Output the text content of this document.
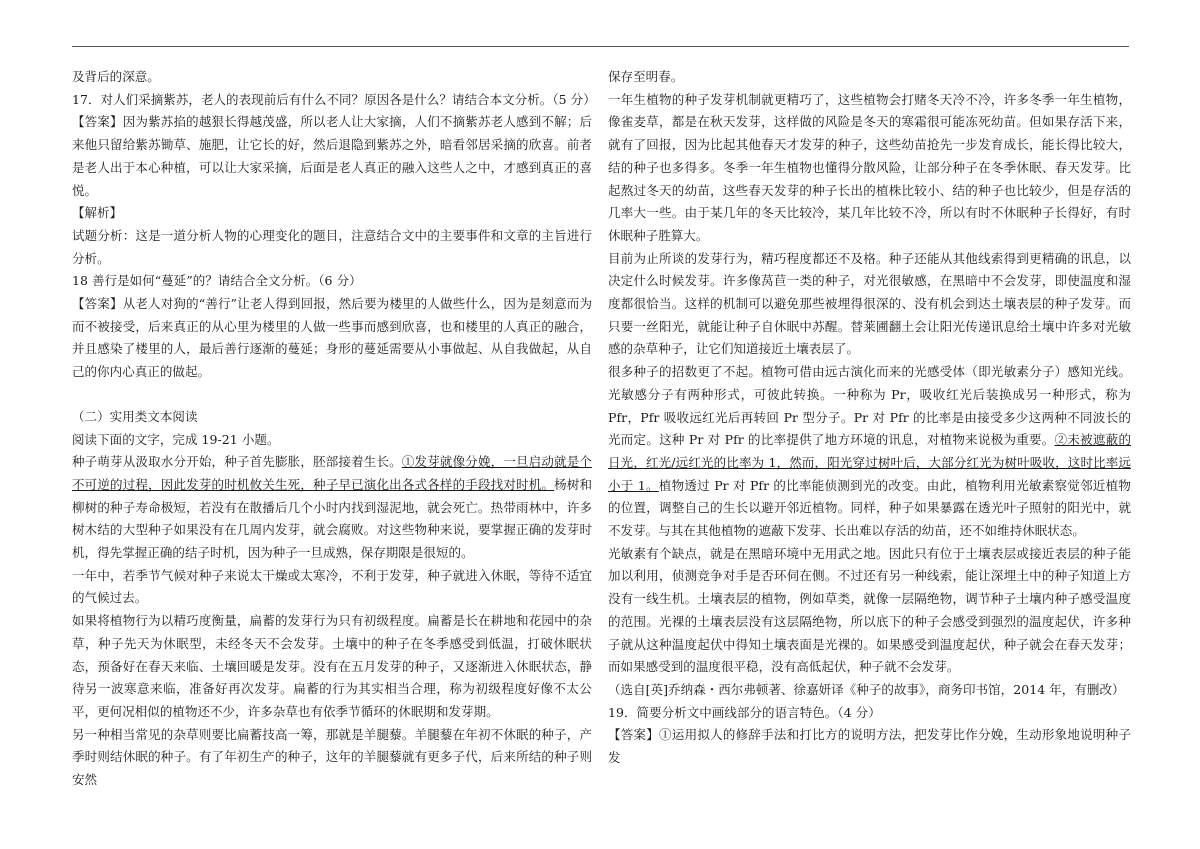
及背后的深意。

17．对人们采摘紫苏，老人的表现前后有什么不同？原因各是什么？请结合本文分析。（5 分）

【答案】因为紫苏掐的越狠长得越茂盛，所以老人让大家摘，人们不摘紫苏老人感到不解；后来他只留给紫苏锄草、施肥，让它长的好，然后退隐到紫苏之外，暗看邻居采摘的欣喜。前者是老人出于本心种植，可以让大家采摘，后面是老人真正的融入这些人之中，才感到真正的喜悦。

【解析】

试题分析：这是一道分析人物的心理变化的题目，注意结合文中的主要事件和文章的主旨进行分析。

18 善行是如何“蔓延”的？请结合全文分析。（6 分）

【答案】从老人对狗的“善行”让老人得到回报，然后要为楼里的人做些什么，因为是刻意而为而不被接受，后来真正的从心里为楼里的人做一些事而感到欣喜，也和楼里的人真正的融合，并且感染了楼里的人，最后善行逐渐的蔓延；身形的蔓延需要从小事做起、从自我做起，从自己的你内心真正的做起。

（二）实用类文本阅读

阅读下面的文字，完成 19-21 小题。

种子萌芽从汲取水分开始，种子首先膨胀，胚部接着生长。①发芽就像分娩，一旦启动就是个不可逆的过程，因此发芽的时机攸关生死，种子早已演化出各式各样的手段找对时机。杨树和柳树的种子寿命极短，若没有在散播后几个小时内找到湿泥地，就会死亡。热带雨林中，许多树木结的大型种子如果没有在几周内发芽，就会腐败。对这些物种来说，要掌握正确的发芽时机，得先掌握正确的结子时机，因为种子一旦成熟，保存期限是很短的。

一年中，若季节气候对种子来说太干燥或太寒冷，不利于发芽，种子就进入休眠，等待不适宜的气候过去。

如果将植物行为以精巧度衡量，扁蓄的发芽行为只有初级程度。扁蓄是长在耕地和花园中的杂草，种子先天为休眠型，未经冬天不会发芽。土壤中的种子在冬季感受到低温，打破休眠状态，预备好在春天来临、土壤回暖是发芽。没有在五月发芽的种子，又逐渐进入休眠状态，静待另一波寒意来临，准备好再次发芽。扁蓄的行为其实相当合理，称为初级程度好像不太公平，更何况相似的植物还不少，许多杂草也有依季节循环的休眠期和发芽期。

另一种相当常见的杂草则要比扁蓄技高一筹，那就是羊腿藜。羊腿藜在年初不休眠的种子，产季时则结休眠的种子。有了年初生产的种子，这年的羊腿藜就有更多子代，后来所结的种子则安然

保存至明春。

一年生植物的种子发芽机制就更精巧了，这些植物会打赌冬天冷不冷，许多冬季一年生植物，像雀麦草，都是在秋天发芽，这样做的风险是冬天的寒霜很可能冻死幼苗。但如果存活下来，就有了回报，因为比起其他春天才发芽的种子，这些幼苗抢先一步发育成长，能长得比较大，结的种子也多得多。冬季一年生植物也懂得分散风险，让部分种子在冬季休眠、春天发芽。比起熬过冬天的幼苗，这些春天发芽的种子长出的植株比较小、结的种子也比较少，但是存活的几率大一些。由于某几年的冬天比较冷，某几年比较不冷，所以有时不休眠种子长得好，有时休眠种子胜算大。

目前为止所谈的发芽行为，精巧程度都还不及格。种子还能从其他线索得到更精确的讯息，以决定什么时候发芽。许多像莴苣一类的种子，对光很敏感，在黑暗中不会发芽，即使温度和湿度都很恰当。这样的机制可以避免那些被埋得很深的、没有机会到达土壤表层的种子发芽。而只要一丝阳光，就能让种子自休眠中苏醒。替莱圃翻土会让阳光传递讯息给土壤中许多对光敏感的杂草种子，让它们知道接近土壤表层了。

很多种子的招数更了不起。植物可借由远古演化而来的光感受体（即光敏素分子）感知光线。光敏感分子有两种形式，可彼此转换。一种称为 Pr，吸收红光后装换成另一种形式，称为 Pfr，Pfr 吸收远红光后再转回 Pr 型分子。Pr 对 Pfr 的比率是由接受多少这两种不同波长的光而定。这种 Pr 对 Pfr 的比率提供了地方环境的讯息，对植物来说极为重要。②未被遮蔽的日光，红光/远红光的比率为 1，然而，阳光穿过树叶后，大部分红光为树叶吸收，这时比率远小于 1。植物透过 Pr 对 Pfr 的比率能侦测到光的改变。由此，植物利用光敏素察觉邻近植物的位置，调整自己的生长以避开邻近植物。同样，种子如果暴露在透光叶子照射的阳光中，就不发芽。与其在其他植物的遮蔽下发芽、长出难以存活的幼苗，还不如维持休眠状态。

光敏素有个缺点，就是在黑暗环境中无用武之地。因此只有位于土壤表层或接近表层的种子能加以利用，侦测竞争对手是否环伺在侧。不过还有另一种线索，能让深埋土中的种子知道上方没有一线生机。土壤表层的植物，例如草类，就像一层隔绝物，调节种子土壤内种子感受温度的范围。光裸的土壤表层没有这层隔绝物，所以底下的种子会感受到强烈的温度起伏，许多种子就从这种温度起伏中得知土壤表面是光裸的。如果感受到温度起伏，种子就会在春天发芽；而如果感受到的温度很平稳，没有高低起伏，种子就不会发芽。

（选自[英]乔纳森・西尔弗顿著、徐嘉妍译《种子的故事》，商务印书馆，2014 年，有删改）

19．简要分析文中画线部分的语言特色。（4 分）

【答案】①运用拟人的修辞手法和打比方的说明方法，把发芽比作分娩，生动形象地说明种子发
